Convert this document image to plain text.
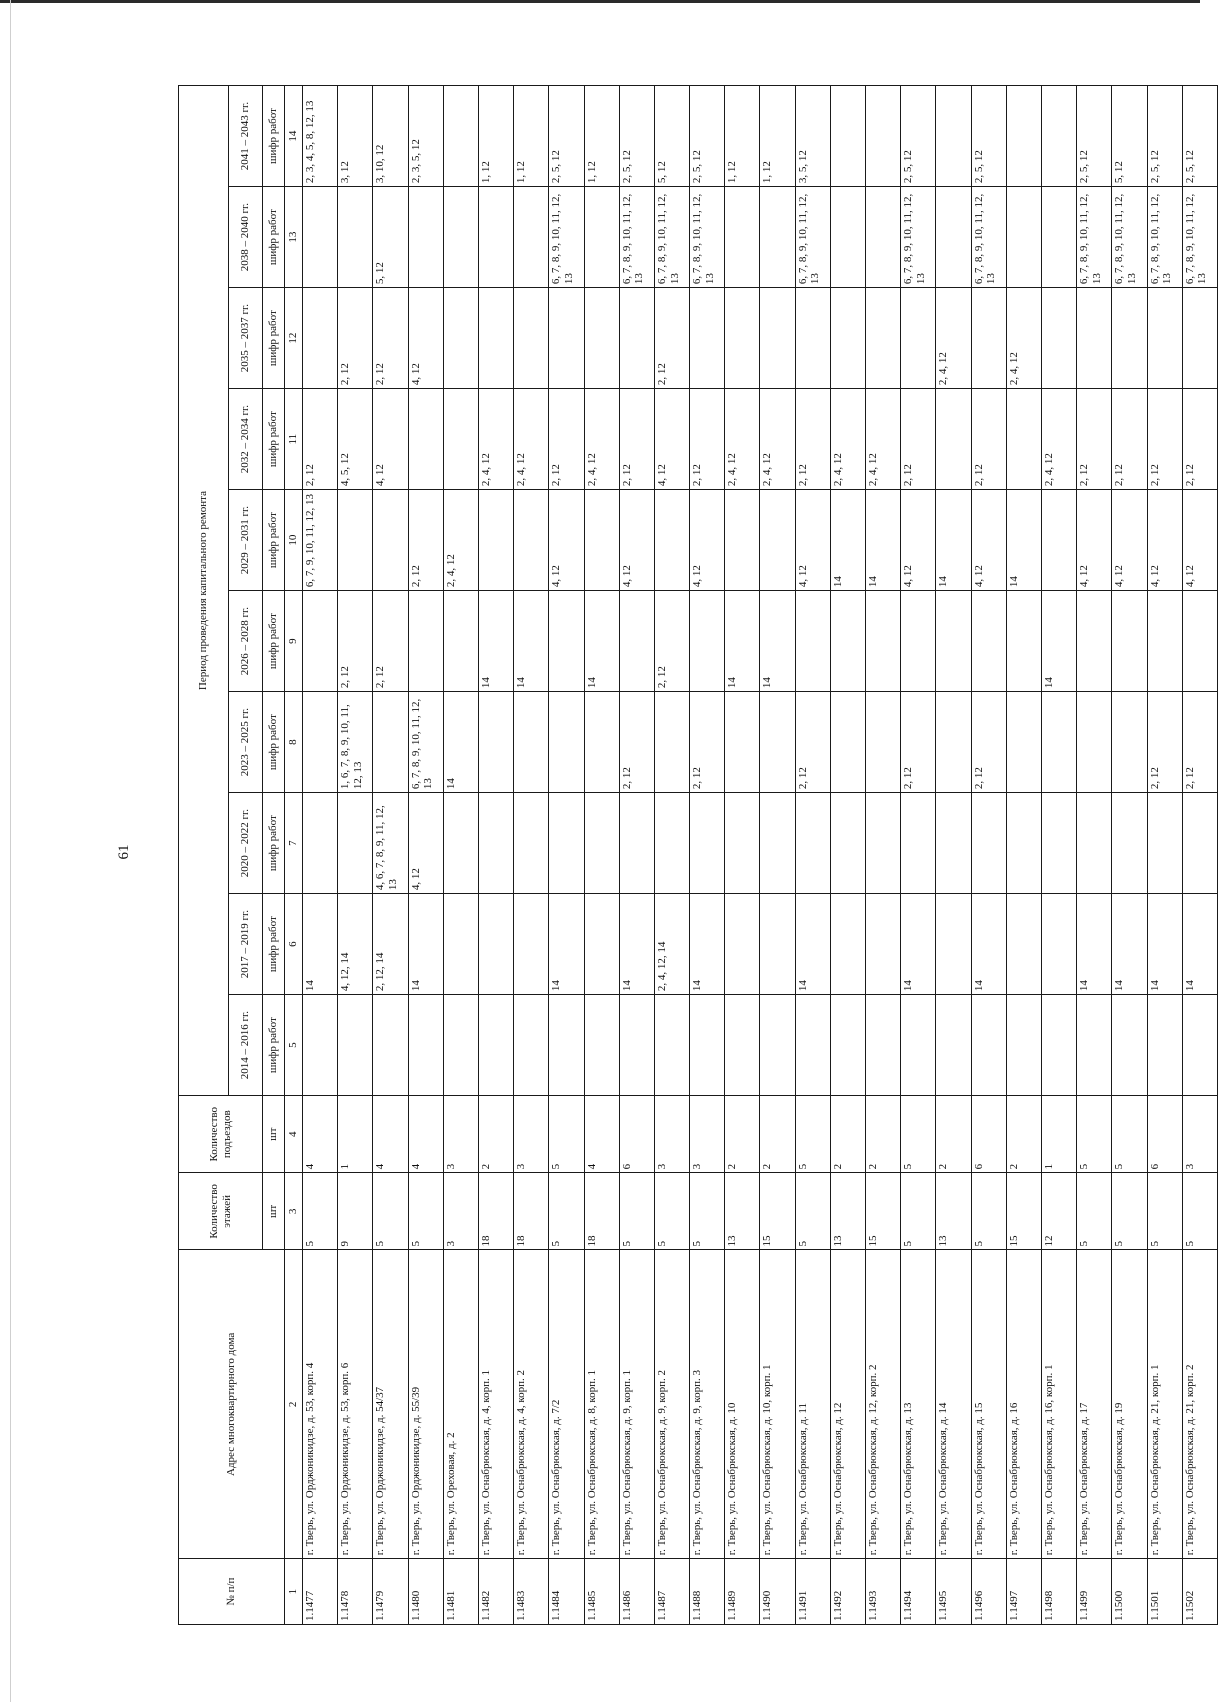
61
№ п/п	Адрес многоквартирного дома	Количество этажей	Количество подъездов	Период проведения капитального ремонта									
				2014 – 2016 гг.	2017 – 2019 гг.	2020 – 2022 гг.	2023 – 2025 гг.	2026 – 2028 гг.	2029 – 2031 гг.	2032 – 2034 гг.	2035 – 2037 гг.	2038 – 2040 гг.	2041 – 2043 гг.
		шт	шт	шифр работ	шифр работ	шифр работ	шифр работ	шифр работ	шифр работ	шифр работ	шифр работ	шифр работ	шифр работ
1	2	3	4	5	6	7	8	9	10	11	12	13	14
1.1477	г. Тверь, ул. Орджоникидзе, д. 53, корп. 4	5	4		14				6, 7, 9, 10, 11, 12, 13	2, 12			2, 3, 4, 5, 8, 12, 13
1.1478	г. Тверь, ул. Орджоникидзе, д. 53, корп. 6	9	1		4, 12, 14		1, 6, 7, 8, 9, 10, 11, 12, 13	2, 12		4, 5, 12	2, 12		3, 12
1.1479	г. Тверь, ул. Орджоникидзе, д. 54/37	5	4		2, 12, 14	4, 6, 7, 8, 9, 11, 12, 13		2, 12		4, 12	2, 12	5, 12	3, 10, 12
1.1480	г. Тверь, ул. Орджоникидзе, д. 55/39	5	4		14	4, 12	6, 7, 8, 9, 10, 11, 12, 13		2, 12		4, 12		2, 3, 5, 12
1.1481	г. Тверь, ул. Ореховая, д. 2	3	3				14		2, 4, 12				
1.1482	г. Тверь, ул. Оснабрюкская, д. 4, корп. 1	18	2					14		2, 4, 12			1, 12
1.1483	г. Тверь, ул. Оснабрюкская, д. 4, корп. 2	18	3					14		2, 4, 12			1, 12
1.1484	г. Тверь, ул. Оснабрюкская, д. 7/2	5	5		14				4, 12	2, 12		6, 7, 8, 9, 10, 11, 12, 13	2, 5, 12
1.1485	г. Тверь, ул. Оснабрюкская, д. 8, корп. 1	18	4					14		2, 4, 12			1, 12
1.1486	г. Тверь, ул. Оснабрюкская, д. 9, корп. 1	5	6		14		2, 12		4, 12	2, 12		6, 7, 8, 9, 10, 11, 12, 13	2, 5, 12
1.1487	г. Тверь, ул. Оснабрюкская, д. 9, корп. 2	5	3		2, 4, 12, 14			2, 12		4, 12	2, 12	6, 7, 8, 9, 10, 11, 12, 13	5, 12
1.1488	г. Тверь, ул. Оснабрюкская, д. 9, корп. 3	5	3		14		2, 12		4, 12	2, 12		6, 7, 8, 9, 10, 11, 12, 13	2, 5, 12
1.1489	г. Тверь, ул. Оснабрюкская, д. 10	13	2					14		2, 4, 12			1, 12
1.1490	г. Тверь, ул. Оснабрюкская, д. 10, корп. 1	15	2					14		2, 4, 12			1, 12
1.1491	г. Тверь, ул. Оснабрюкская, д. 11	5	5		14		2, 12		4, 12	2, 12		6, 7, 8, 9, 10, 11, 12, 13	3, 5, 12
1.1492	г. Тверь, ул. Оснабрюкская, д. 12	13	2						14	2, 4, 12			
1.1493	г. Тверь, ул. Оснабрюкская, д. 12, корп. 2	15	2						14	2, 4, 12			
1.1494	г. Тверь, ул. Оснабрюкская, д. 13	5	5		14		2, 12		4, 12	2, 12		6, 7, 8, 9, 10, 11, 12, 13	2, 5, 12
1.1495	г. Тверь, ул. Оснабрюкская, д. 14	13	2						14		2, 4, 12		
1.1496	г. Тверь, ул. Оснабрюкская, д. 15	5	6		14		2, 12		4, 12	2, 12		6, 7, 8, 9, 10, 11, 12, 13	2, 5, 12
1.1497	г. Тверь, ул. Оснабрюкская, д. 16	15	2						14		2, 4, 12		
1.1498	г. Тверь, ул. Оснабрюкская, д. 16, корп. 1	12	1					14		2, 4, 12			
1.1499	г. Тверь, ул. Оснабрюкская, д. 17	5	5		14				4, 12	2, 12		6, 7, 8, 9, 10, 11, 12, 13	2, 5, 12
1.1500	г. Тверь, ул. Оснабрюкская, д. 19	5	5		14				4, 12	2, 12		6, 7, 8, 9, 10, 11, 12, 13	5, 12
1.1501	г. Тверь, ул. Оснабрюкская, д. 21, корп. 1	5	6		14		2, 12		4, 12	2, 12		6, 7, 8, 9, 10, 11, 12, 13	2, 5, 12
1.1502	г. Тверь, ул. Оснабрюкская, д. 21, корп. 2	5	3		14		2, 12		4, 12	2, 12		6, 7, 8, 9, 10, 11, 12, 13	2, 5, 12
